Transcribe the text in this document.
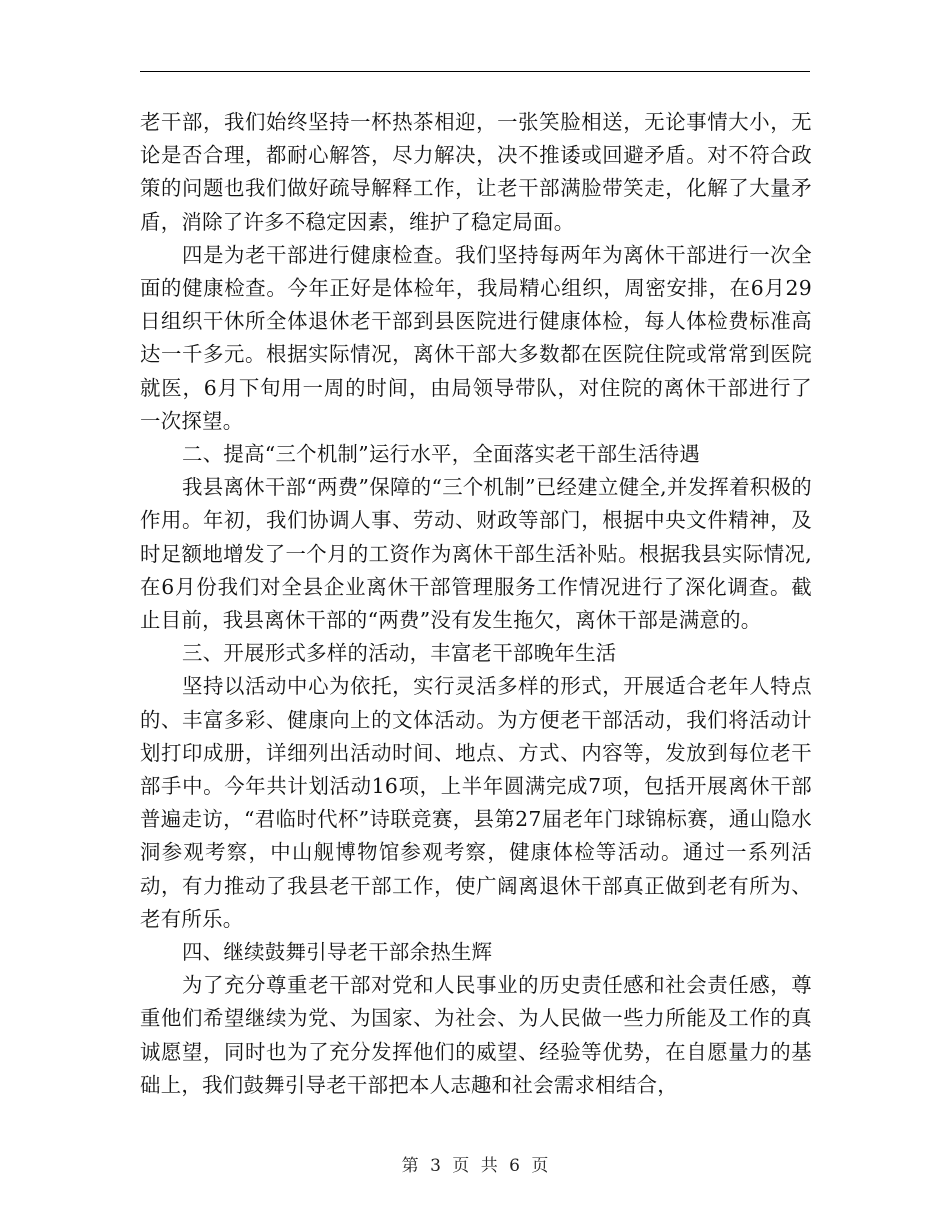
老干部，我们始终坚持一杯热茶相迎，一张笑脸相送，无论事情大小，无论是否合理，都耐心解答，尽力解决，决不推诿或回避矛盾。对不符合政策的问题也我们做好疏导解释工作，让老干部满脸带笑走，化解了大量矛盾，消除了许多不稳定因素，维护了稳定局面。

四是为老干部进行健康检查。我们坚持每两年为离休干部进行一次全面的健康检查。今年正好是体检年，我局精心组织，周密安排，在6月29日组织干休所全体退休老干部到县医院进行健康体检，每人体检费标准高达一千多元。根据实际情况，离休干部大多数都在医院住院或常常到医院就医，6月下旬用一周的时间，由局领导带队，对住院的离休干部进行了一次探望。

二、提高“三个机制”运行水平，全面落实老干部生活待遇

我县离休干部“两费”保障的“三个机制”已经建立健全,并发挥着积极的作用。年初，我们协调人事、劳动、财政等部门，根据中央文件精神，及时足额地增发了一个月的工资作为离休干部生活补贴。根据我县实际情况,在6月份我们对全县企业离休干部管理服务工作情况进行了深化调查。截止目前，我县离休干部的“两费”没有发生拖欠，离休干部是满意的。

三、开展形式多样的活动，丰富老干部晚年生活

坚持以活动中心为依托，实行灵活多样的形式，开展适合老年人特点的、丰富多彩、健康向上的文体活动。为方便老干部活动，我们将活动计划打印成册，详细列出活动时间、地点、方式、内容等，发放到每位老干部手中。今年共计划活动16项，上半年圆满完成7项，包括开展离休干部普遍走访，“君临时代杯”诗联竞赛，县第27届老年门球锦标赛，通山隐水洞参观考察，中山舰博物馆参观考察，健康体检等活动。通过一系列活动，有力推动了我县老干部工作，使广阔离退休干部真正做到老有所为、老有所乐。

四、继续鼓舞引导老干部余热生辉

为了充分尊重老干部对党和人民事业的历史责任感和社会责任感，尊重他们希望继续为党、为国家、为社会、为人民做一些力所能及工作的真诚愿望，同时也为了充分发挥他们的威望、经验等优势，在自愿量力的基础上，我们鼓舞引导老干部把本人志趣和社会需求相结合，

第 3 页 共 6 页
